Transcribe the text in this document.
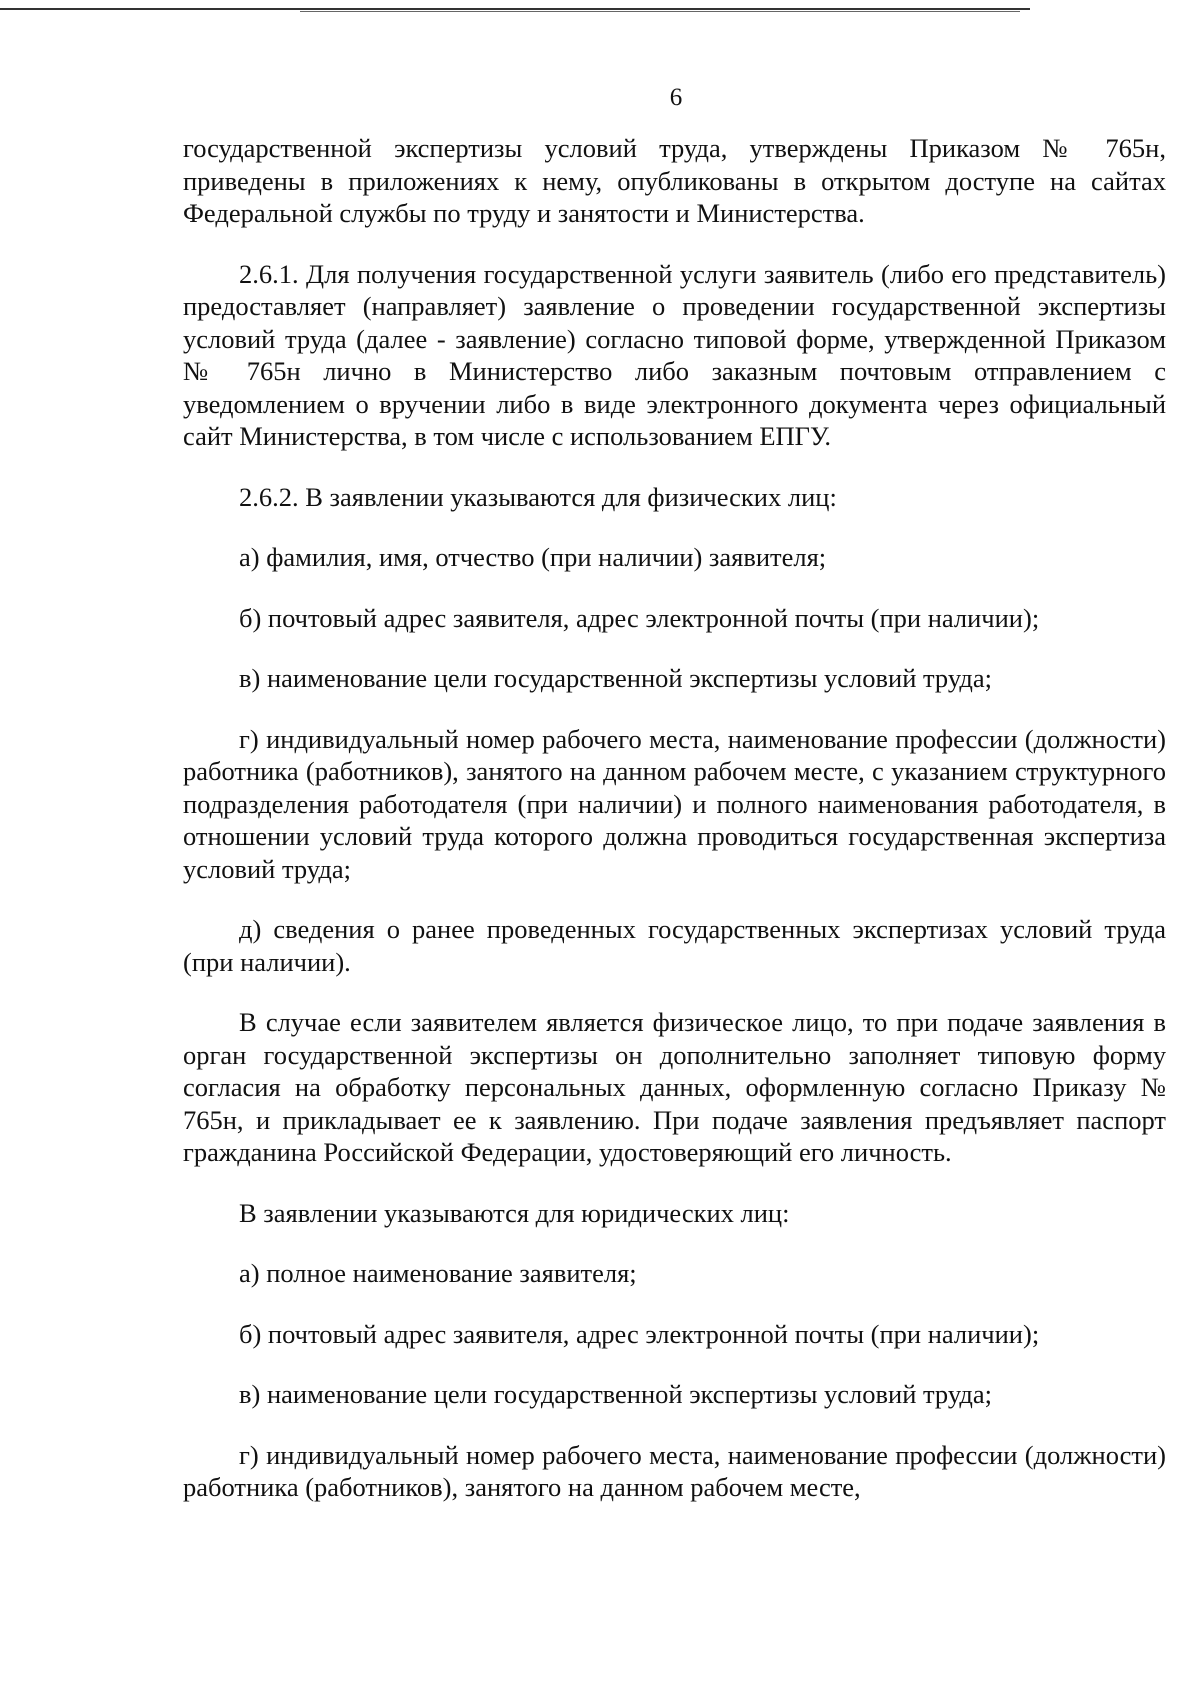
6

государственной экспертизы условий труда, утверждены Приказом № 765н, приведены в приложениях к нему, опубликованы в открытом доступе на сайтах Федеральной службы по труду и занятости и Министерства.

2.6.1. Для получения государственной услуги заявитель (либо его представитель) предоставляет (направляет) заявление о проведении государственной экспертизы условий труда (далее - заявление) согласно типовой форме, утвержденной Приказом № 765н лично в Министерство либо заказным почтовым отправлением с уведомлением о вручении либо в виде электронного документа через официальный сайт Министерства, в том числе с использованием ЕПГУ.

2.6.2. В заявлении указываются для физических лиц:

а) фамилия, имя, отчество (при наличии) заявителя;

б) почтовый адрес заявителя, адрес электронной почты (при наличии);

в) наименование цели государственной экспертизы условий труда;

г) индивидуальный номер рабочего места, наименование профессии (должности) работника (работников), занятого на данном рабочем месте, с указанием структурного подразделения работодателя (при наличии) и полного наименования работодателя, в отношении условий труда которого должна проводиться государственная экспертиза условий труда;

д) сведения о ранее проведенных государственных экспертизах условий труда (при наличии).

В случае если заявителем является физическое лицо, то при подаче заявления в орган государственной экспертизы он дополнительно заполняет типовую форму согласия на обработку персональных данных, оформленную согласно Приказу № 765н, и прикладывает ее к заявлению. При подаче заявления предъявляет паспорт гражданина Российской Федерации, удостоверяющий его личность.

В заявлении указываются для юридических лиц:

а) полное наименование заявителя;

б) почтовый адрес заявителя, адрес электронной почты (при наличии);

в) наименование цели государственной экспертизы условий труда;

г) индивидуальный номер рабочего места, наименование профессии (должности) работника (работников), занятого на данном рабочем месте,
